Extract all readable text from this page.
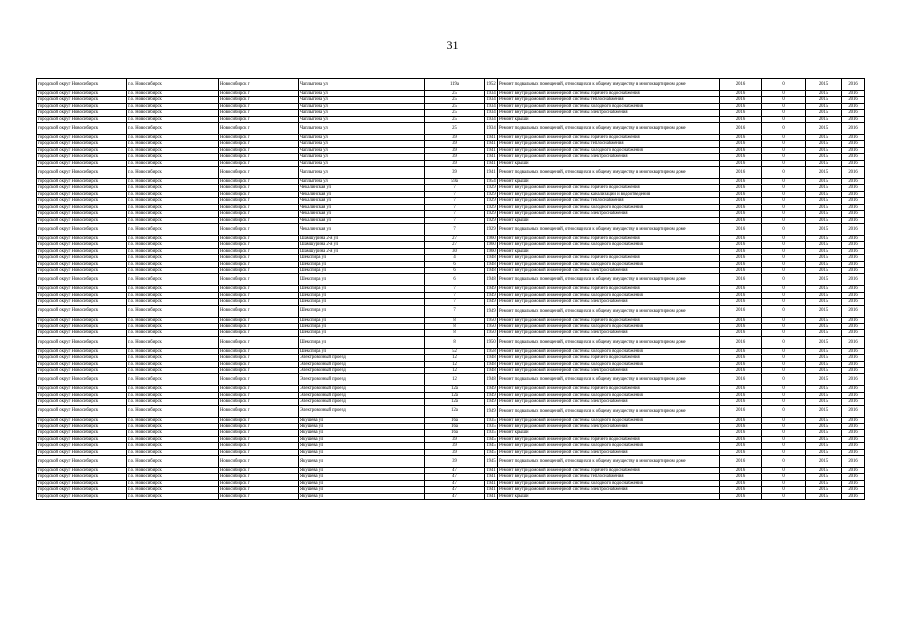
31
городской округ Новосибирск	г.о. Новосибирск	Новосибирск г	Чаплыгина ул	119а	1952	Ремонт подвальных помещений, относящихся к общему имуществу в многоквартирном доме	2016	0	2015	2016
городской округ Новосибирск	г.о. Новосибирск	Новосибирск г	Чаплыгина ул	25	1934	Ремонт внутридомовой инженерной системы горячего водоснабжения	2016	0	2015	2016
городской округ Новосибирск	г.о. Новосибирск	Новосибирск г	Чаплыгина ул	25	1934	Ремонт внутридомовой инженерной системы теплоснабжения	2016	0	2015	2016
городской округ Новосибирск	г.о. Новосибирск	Новосибирск г	Чаплыгина ул	25	1934	Ремонт внутридомовой инженерной системы холодного водоснабжения	2016	0	2015	2016
городской округ Новосибирск	г.о. Новосибирск	Новосибирск г	Чаплыгина ул	25	1934	Ремонт внутридомовой инженерной системы электроснабжения	2016	0	2015	2016
городской округ Новосибирск	г.о. Новосибирск	Новосибирск г	Чаплыгина ул	25	1934	Ремонт крыши	2016	0	2015	2016
городской округ Новосибирск	г.о. Новосибирск	Новосибирск г	Чаплыгина ул	25	1934	Ремонт подвальных помещений, относящихся к общему имуществу в многоквартирном доме	2016	0	2015	2016
городской округ Новосибирск	г.о. Новосибирск	Новосибирск г	Чаплыгина ул	39	1941	Ремонт внутридомовой инженерной системы горячего водоснабжения	2016	0	2015	2016
городской округ Новосибирск	г.о. Новосибирск	Новосибирск г	Чаплыгина ул	39	1941	Ремонт внутридомовой инженерной системы теплоснабжения	2016	0	2015	2016
городской округ Новосибирск	г.о. Новосибирск	Новосибирск г	Чаплыгина ул	39	1941	Ремонт внутридомовой инженерной системы холодного водоснабжения	2016	0	2015	2016
городской округ Новосибирск	г.о. Новосибирск	Новосибирск г	Чаплыгина ул	39	1941	Ремонт внутридомовой инженерной системы электроснабжения	2016	0	2015	2016
городской округ Новосибирск	г.о. Новосибирск	Новосибирск г	Чаплыгина ул	39	1941	Ремонт крыши	2016	0	2015	2016
городской округ Новосибирск	г.о. Новосибирск	Новосибирск г	Чаплыгина ул	39	1941	Ремонт подвальных помещений, относящихся к общему имуществу в многоквартирном доме	2016	0	2015	2016
городской округ Новосибирск	г.о. Новосибирск	Новосибирск г	Чаплыгина ул	59а	1954	Ремонт крыши	2016	0	2015	2016
городской округ Новосибирск	г.о. Новосибирск	Новосибирск г	Чекалинская ул	7	1929	Ремонт внутридомовой инженерной системы горячего водоснабжения	2016	0	2015	2016
городской округ Новосибирск	г.о. Новосибирск	Новосибирск г	Чекалинская ул	7	1929	Ремонт внутридомовой инженерной системы канализации и водоотведения	2016	0	2015	2016
городской округ Новосибирск	г.о. Новосибирск	Новосибирск г	Чекалинская ул	7	1929	Ремонт внутридомовой инженерной системы теплоснабжения	2016	0	2015	2016
городской округ Новосибирск	г.о. Новосибирск	Новосибирск г	Чекалинская ул	7	1929	Ремонт внутридомовой инженерной системы холодного водоснабжения	2016	0	2015	2016
городской округ Новосибирск	г.о. Новосибирск	Новосибирск г	Чекалинская ул	7	1929	Ремонт внутридомовой инженерной системы электроснабжения	2016	0	2015	2016
городской округ Новосибирск	г.о. Новосибирск	Новосибирск г	Чекалинская ул	7	1929	Ремонт крыши	2016	0	2015	2016
городской округ Новосибирск	г.о. Новосибирск	Новосибирск г	Чекалинская ул	7	1929	Ремонт подвальных помещений, относящихся к общему имуществу в многоквартирном доме	2016	0	2015	2016
городской округ Новосибирск	г.о. Новосибирск	Новосибирск г	Шамшурина 2-я ул	27	1960	Ремонт внутридомовой инженерной системы горячего водоснабжения	2016	0	2015	2016
городской округ Новосибирск	г.о. Новосибирск	Новосибирск г	Шамшурина 2-я ул	27	1960	Ремонт внутридомовой инженерной системы холодного водоснабжения	2016	0	2015	2016
городской округ Новосибирск	г.о. Новосибирск	Новосибирск г	Шамшурина 2-я ул	30	1960	Ремонт крыши	2016	0	2015	2016
городской округ Новосибирск	г.о. Новосибирск	Новосибирск г	Шекспира ул	4	1948	Ремонт внутридомовой инженерной системы горячего водоснабжения	2016	0	2015	2016
городской округ Новосибирск	г.о. Новосибирск	Новосибирск г	Шекспира ул	6	1948	Ремонт внутридомовой инженерной системы холодного водоснабжения	2016	0	2015	2016
городской округ Новосибирск	г.о. Новосибирск	Новосибирск г	Шекспира ул	6	1948	Ремонт внутридомовой инженерной системы электроснабжения	2016	0	2015	2016
городской округ Новосибирск	г.о. Новосибирск	Новосибирск г	Шекспира ул	6	1948	Ремонт подвальных помещений, относящихся к общему имуществу в многоквартирном доме	2016	0	2015	2016
городской округ Новосибирск	г.о. Новосибирск	Новосибирск г	Шекспира ул	7	1949	Ремонт внутридомовой инженерной системы горячего водоснабжения	2016	0	2015	2016
городской округ Новосибирск	г.о. Новосибирск	Новосибирск г	Шекспира ул	7	1949	Ремонт внутридомовой инженерной системы холодного водоснабжения	2016	0	2015	2016
городской округ Новосибирск	г.о. Новосибирск	Новосибирск г	Шекспира ул	7	1949	Ремонт внутридомовой инженерной системы электроснабжения	2016	0	2015	2016
городской округ Новосибирск	г.о. Новосибирск	Новосибирск г	Шекспира ул	7	1949	Ремонт подвальных помещений, относящихся к общему имуществу в многоквартирном доме	2016	0	2015	2016
городской округ Новосибирск	г.о. Новосибирск	Новосибирск г	Шекспира ул	8	1950	Ремонт внутридомовой инженерной системы горячего водоснабжения	2016	0	2015	2016
городской округ Новосибирск	г.о. Новосибирск	Новосибирск г	Шекспира ул	8	1950	Ремонт внутридомовой инженерной системы холодного водоснабжения	2016	0	2015	2016
городской округ Новосибирск	г.о. Новосибирск	Новосибирск г	Шекспира ул	8	1950	Ремонт внутридомовой инженерной системы электроснабжения	2016	0	2015	2016
городской округ Новосибирск	г.о. Новосибирск	Новосибирск г	Шекспира ул	8	1950	Ремонт подвальных помещений, относящихся к общему имуществу в многоквартирном доме	2016	0	2015	2016
городской округ Новосибирск	г.о. Новосибирск	Новосибирск г	Шекспира ул	52	1958	Ремонт внутридомовой инженерной системы холодного водоснабжения	2016	0	2015	2016
городской округ Новосибирск	г.о. Новосибирск	Новосибирск г	Электровозный проезд	12	1948	Ремонт внутридомовой инженерной системы горячего водоснабжения	2016	0	2015	2016
городской округ Новосибирск	г.о. Новосибирск	Новосибирск г	Электровозный проезд	12	1948	Ремонт внутридомовой инженерной системы холодного водоснабжения	2016	0	2015	2016
городской округ Новосибирск	г.о. Новосибирск	Новосибирск г	Электровозный проезд	12	1948	Ремонт внутридомовой инженерной системы электроснабжения	2016	0	2015	2016
городской округ Новосибирск	г.о. Новосибирск	Новосибирск г	Электровозный проезд	12	1948	Ремонт подвальных помещений, относящихся к общему имуществу в многоквартирном доме	2016	0	2015	2016
городской округ Новосибирск	г.о. Новосибирск	Новосибирск г	Электровозный проезд	12а	1949	Ремонт внутридомовой инженерной системы горячего водоснабжения	2016	0	2015	2016
городской округ Новосибирск	г.о. Новосибирск	Новосибирск г	Электровозный проезд	12а	1949	Ремонт внутридомовой инженерной системы холодного водоснабжения	2016	0	2015	2016
городской округ Новосибирск	г.о. Новосибирск	Новосибирск г	Электровозный проезд	12а	1949	Ремонт внутридомовой инженерной системы электроснабжения	2016	0	2015	2016
городской округ Новосибирск	г.о. Новосибирск	Новосибирск г	Электровозный проезд	12а	1949	Ремонт подвальных помещений, относящихся к общему имуществу в многоквартирном доме	2016	0	2015	2016
городской округ Новосибирск	г.о. Новосибирск	Новосибирск г	Якушева ул	16а	1935	Ремонт внутридомовой инженерной системы холодного водоснабжения	2016	0	2015	2016
городской округ Новосибирск	г.о. Новосибирск	Новосибирск г	Якушева ул	16а	1935	Ремонт внутридомовой инженерной системы электроснабжения	2016	0	2015	2016
городской округ Новосибирск	г.о. Новосибирск	Новосибирск г	Якушева ул	16а	1935	Ремонт крыши	2016	0	2015	2016
городской округ Новосибирск	г.о. Новосибирск	Новосибирск г	Якушева ул	39	1945	Ремонт внутридомовой инженерной системы горячего водоснабжения	2016	0	2015	2016
городской округ Новосибирск	г.о. Новосибирск	Новосибирск г	Якушева ул	39	1945	Ремонт внутридомовой инженерной системы холодного водоснабжения	2016	0	2015	2016
городской округ Новосибирск	г.о. Новосибирск	Новосибирск г	Якушева ул	39	1945	Ремонт внутридомовой инженерной системы электроснабжения	2016	0	2015	2016
городской округ Новосибирск	г.о. Новосибирск	Новосибирск г	Якушева ул	39	1945	Ремонт подвальных помещений, относящихся к общему имуществу в многоквартирном доме	2016	0	2015	2016
городской округ Новосибирск	г.о. Новосибирск	Новосибирск г	Якушева ул	47	1941	Ремонт внутридомовой инженерной системы горячего водоснабжения	2016	0	2015	2016
городской округ Новосибирск	г.о. Новосибирск	Новосибирск г	Якушева ул	47	1941	Ремонт внутридомовой инженерной системы теплоснабжения	2016	0	2015	2016
городской округ Новосибирск	г.о. Новосибирск	Новосибирск г	Якушева ул	47	1941	Ремонт внутридомовой инженерной системы холодного водоснабжения	2016	0	2015	2016
городской округ Новосибирск	г.о. Новосибирск	Новосибирск г	Якушева ул	47	1941	Ремонт внутридомовой инженерной системы электроснабжения	2016	0	2015	2016
городской округ Новосибирск	г.о. Новосибирск	Новосибирск г	Якушева ул	47	1941	Ремонт крыши	2016	0	2015	2016
